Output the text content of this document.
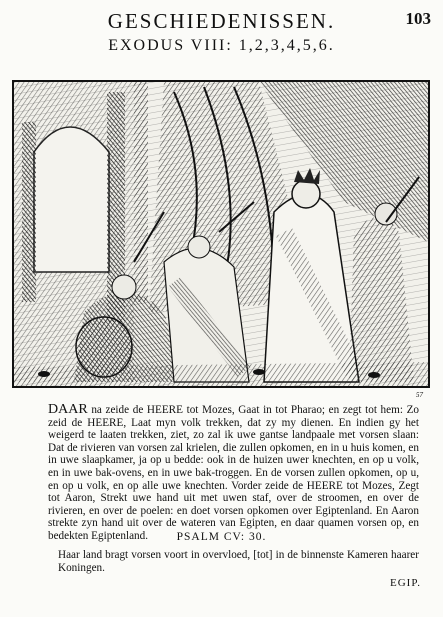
GESCHIEDENISSEN.	103
EXODUS VIII: 1,2,3,4,5,6.
57

DAAR na zeide de HEERE tot Mozes, Gaat in tot Pharao; en zegt tot hem: Zo zeid de HEERE, Laat myn volk trekken, dat zy my dienen. En indien gy het weigerd te laaten trekken, ziet, zo zal ik uwe gantse landpaale met vorsen slaan: Dat de rivieren van vorsen zal krielen, die zullen opkomen, en in u huis komen, en in uwe slaapkamer, ja op u bedde: ook in de huizen uwer knechten, en op u volk, en in uwe bak-ovens, en in uwe bak-troggen. En de vorsen zullen opkomen, op u, en op u volk, en op alle uwe knechten. Vorder zeide de HEERE tot Mozes, Zegt tot Aaron, Strekt uwe hand uit met uwen staf, over de stroomen, en over de rivieren, en over de poelen: en doet vorsen opkomen over Egiptenland. En Aaron strekte zyn hand uit over de wateren van Egipten, en daar quamen vorsen op, en bedekten Egiptenland.	PSALM CV: 30.

Haar land bragt vorsen voort in overvloed, [tot] in de binnenste Kameren haarer Koningen.

EGIP.
